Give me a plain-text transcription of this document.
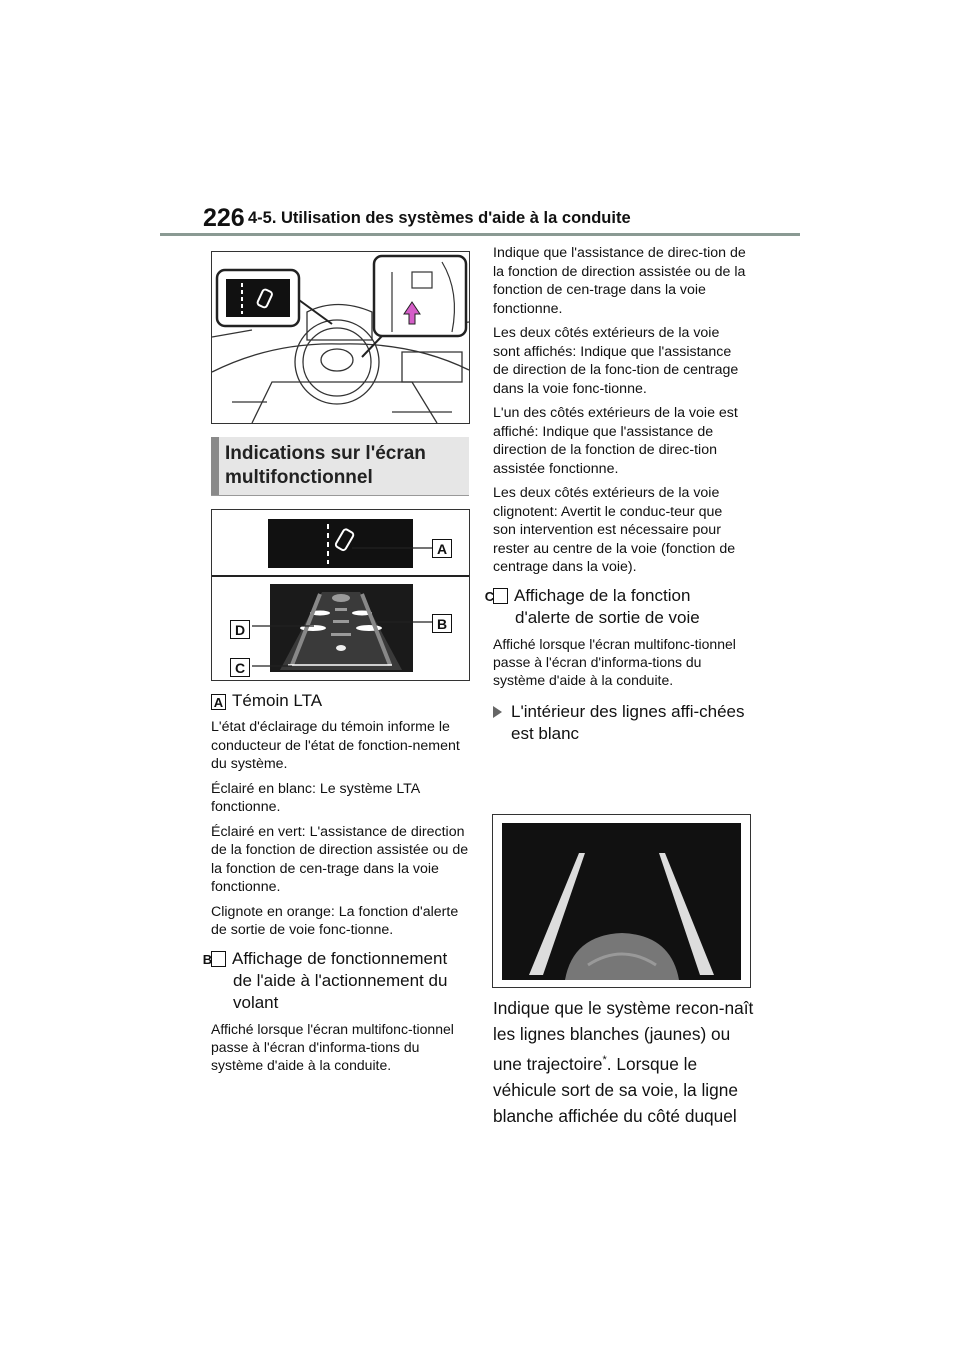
226 4-5. Utilisation des systèmes d'aide à la conduite
Indications sur l'écran
multifonctionnel
A
B
D
C
A Témoin LTA
L'état d'éclairage du témoin informe le conducteur de l'état de fonction-nement du système.
Éclairé en blanc: Le système LTA fonctionne.
Éclairé en vert: L'assistance de direction de la fonction de direction assistée ou de la fonction de cen-trage dans la voie fonctionne.
Clignote en orange: La fonction d'alerte de sortie de voie fonc-tionne.
B Affichage de fonctionnement de l'aide à l'actionnement du volant
Affiché lorsque l'écran multifonc-tionnel passe à l'écran d'informa-tions du système d'aide à la conduite.
Indique que l'assistance de direc-tion de la fonction de direction assistée ou de la fonction de cen-trage dans la voie fonctionne.
Les deux côtés extérieurs de la voie sont affichés: Indique que l'assistance de direction de la fonc-tion de centrage dans la voie fonc-tionne.
L'un des côtés extérieurs de la voie est affiché: Indique que l'assistance de direction de la fonction de direc-tion assistée fonctionne.
Les deux côtés extérieurs de la voie clignotent: Avertit le conduc-teur que son intervention est nécessaire pour rester au centre de la voie (fonction de centrage dans la voie).
C Affichage de la fonction d'alerte de sortie de voie
Affiché lorsque l'écran multifonc-tionnel passe à l'écran d'informa-tions du système d'aide à la conduite.
L'intérieur des lignes affi-chées est blanc
Indique que le système recon-naît les lignes blanches (jaunes) ou une trajectoire*. Lorsque le véhicule sort de sa voie, la ligne blanche affichée du côté duquel
